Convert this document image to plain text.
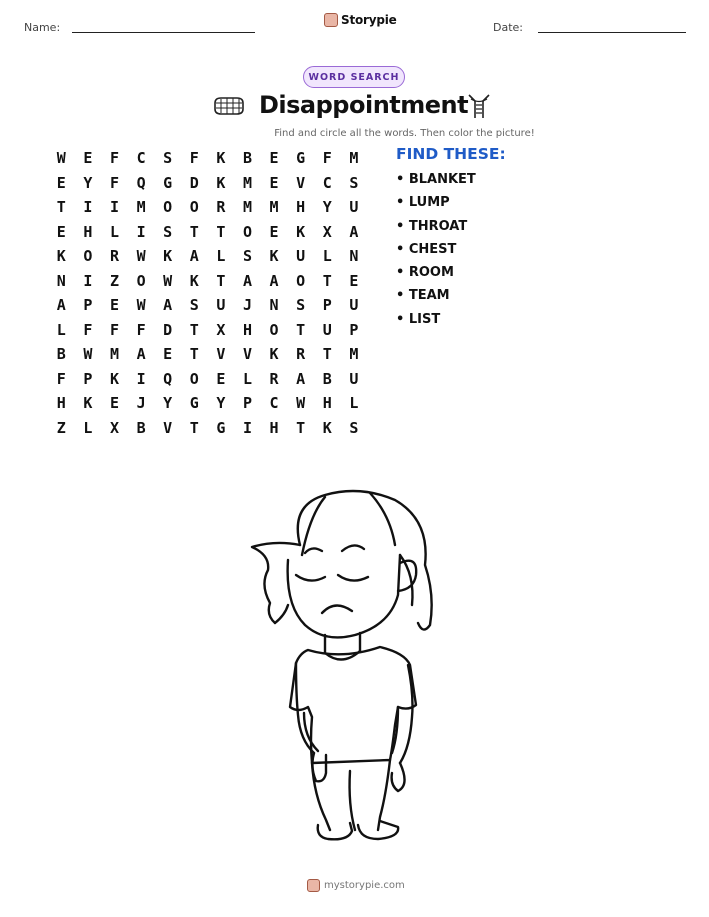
Name:
Storypie
Date:
WORD SEARCH
Disappointment
Find and circle all the words. Then color the picture!
W	E	F	C	S	F	K	B	E	G	F	M
E	Y	F	Q	G	D	K	M	E	V	C	S
T	I	I	M	O	O	R	M	M	H	Y	U
E	H	L	I	S	T	T	O	E	K	X	A
K	O	R	W	K	A	L	S	K	U	L	N
N	I	Z	O	W	K	T	A	A	O	T	E
A	P	E	W	A	S	U	J	N	S	P	U
L	F	F	F	D	T	X	H	O	T	U	P
B	W	M	A	E	T	V	V	K	R	T	M
F	P	K	I	Q	O	E	L	R	A	B	U
H	K	E	J	Y	G	Y	P	C	W	H	L
Z	L	X	B	V	T	G	I	H	T	K	S
FIND THESE:
• BLANKET
• LUMP
• THROAT
• CHEST
• ROOM
• TEAM
• LIST
mystorypie.com
